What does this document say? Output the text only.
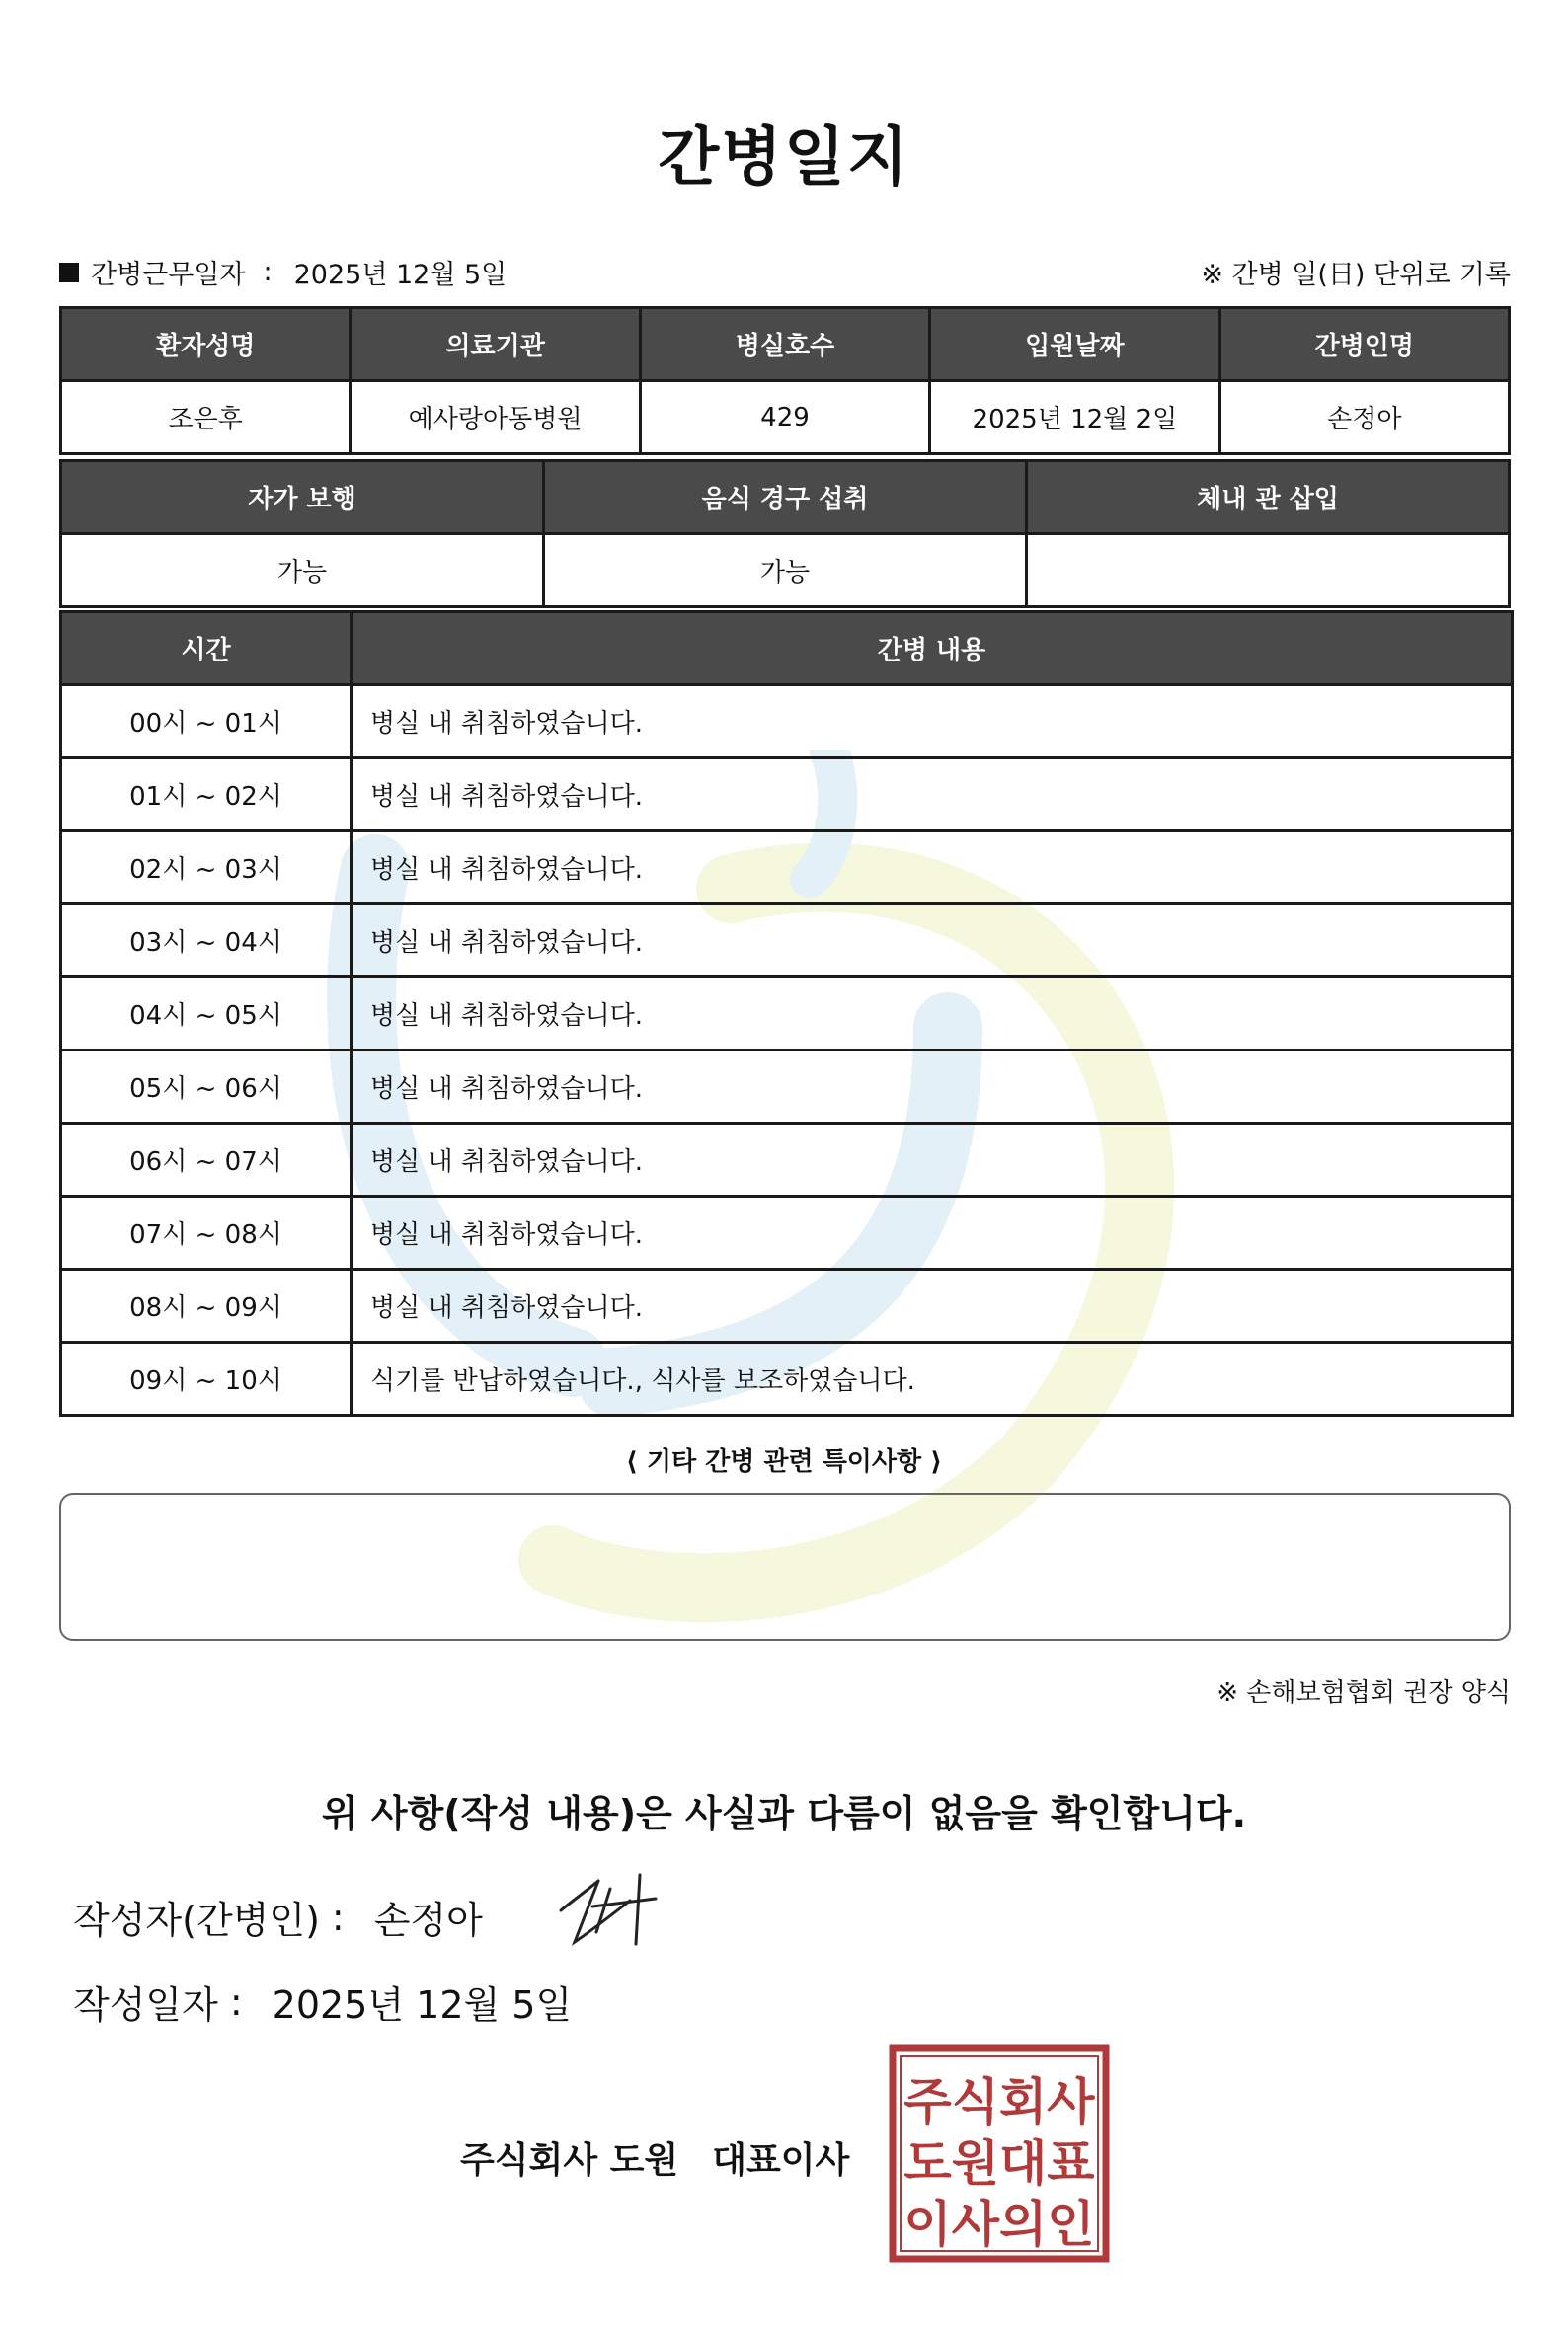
간병일지
간병근무일자 : 2025년 12월 5일	※ 간병 일(日) 단위로 기록
환자성명	의료기관	병실호수	입원날짜	간병인명
조은후	예사랑아동병원	429	2025년 12월 2일	손정아
자가 보행	음식 경구 섭취	체내 관 삽입
가능	가능	
시간	간병 내용
00시 ~ 01시	병실 내 취침하였습니다.
01시 ~ 02시	병실 내 취침하였습니다.
02시 ~ 03시	병실 내 취침하였습니다.
03시 ~ 04시	병실 내 취침하였습니다.
04시 ~ 05시	병실 내 취침하였습니다.
05시 ~ 06시	병실 내 취침하였습니다.
06시 ~ 07시	병실 내 취침하였습니다.
07시 ~ 08시	병실 내 취침하였습니다.
08시 ~ 09시	병실 내 취침하였습니다.
09시 ~ 10시	식기를 반납하였습니다., 식사를 보조하였습니다.
⟨ 기타 간병 관련 특이사항 ⟩
※ 손해보험협회 권장 양식
위 사항(작성 내용)은 사실과 다름이 없음을 확인합니다.
작성자(간병인) : 손정아
작성일자 : 2025년 12월 5일
주식회사 도원 대표이사
주식회사
도원대표
이사의인
